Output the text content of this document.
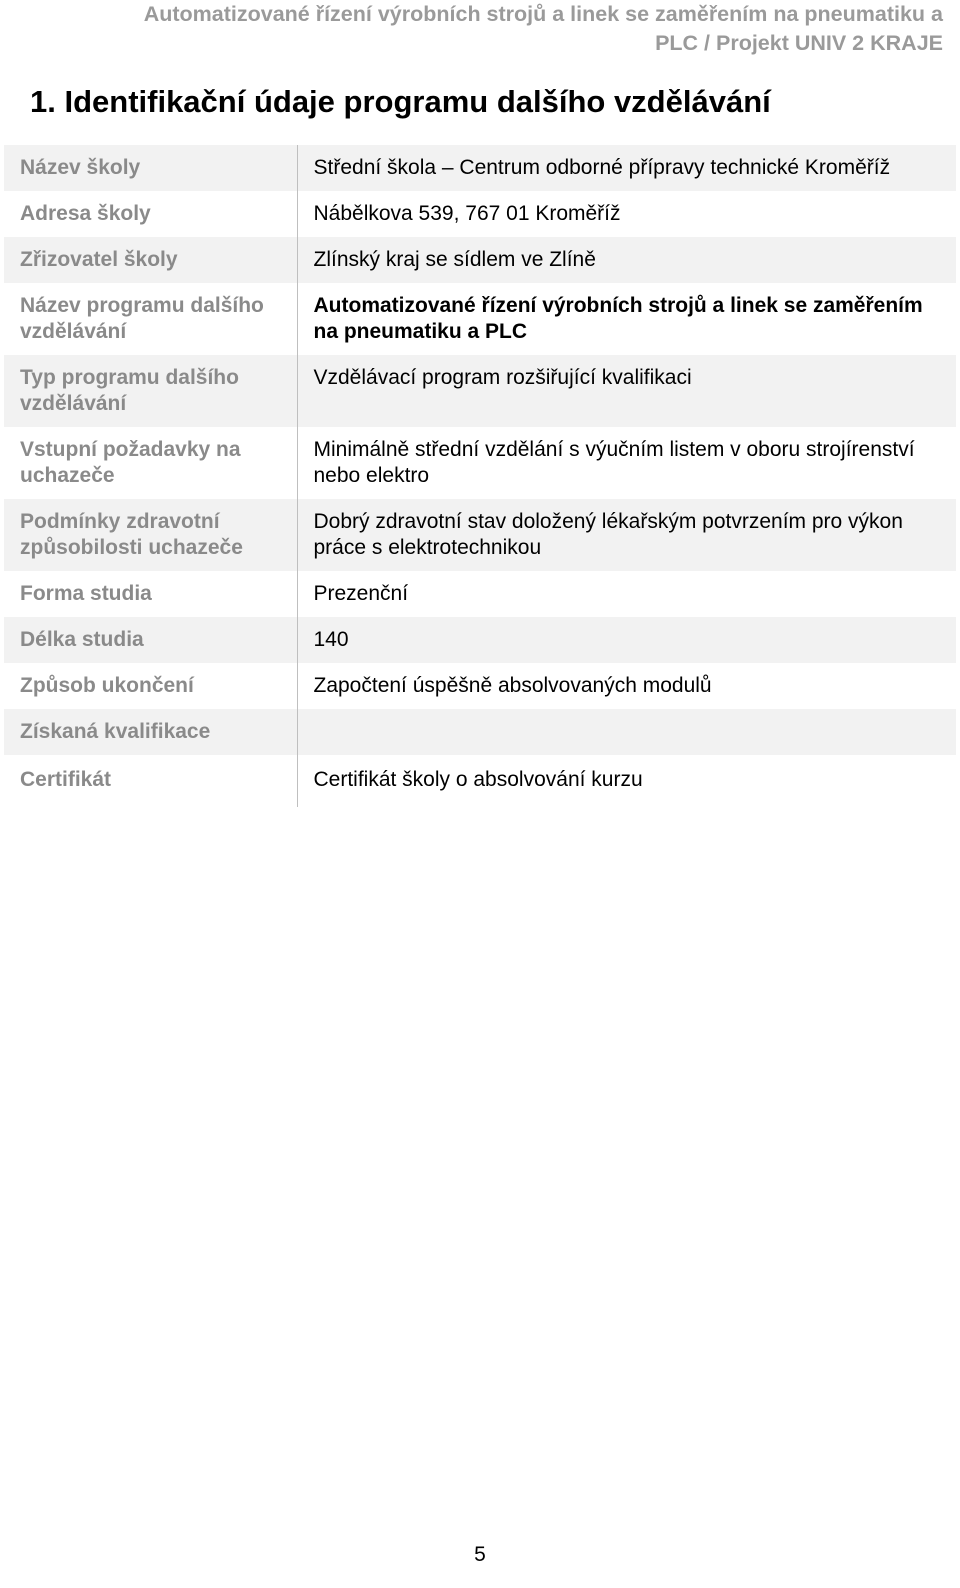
Automatizované řízení výrobních strojů a linek se zaměřením na pneumatiku a
PLC / Projekt UNIV 2 KRAJE
1. Identifikační údaje programu dalšího vzdělávání
Název školy	Střední škola – Centrum odborné přípravy technické Kroměříž
Adresa školy	Nábělkova 539, 767 01 Kroměříž
Zřizovatel školy	Zlínský kraj se sídlem ve Zlíně
Název programu dalšího vzdělávání	Automatizované řízení výrobních strojů a linek se zaměřením na pneumatiku a PLC
Typ programu dalšího vzdělávání	Vzdělávací program rozšiřující kvalifikaci
Vstupní požadavky na uchazeče	Minimálně střední vzdělání s výučním listem v oboru strojírenství nebo elektro
Podmínky zdravotní způsobilosti uchazeče	Dobrý zdravotní stav doložený lékařským potvrzením pro výkon práce s elektrotechnikou
Forma studia	Prezenční
Délka studia	140
Způsob ukončení	Započtení úspěšně absolvovaných modulů
Získaná kvalifikace	
Certifikát	Certifikát školy o absolvování kurzu
5
